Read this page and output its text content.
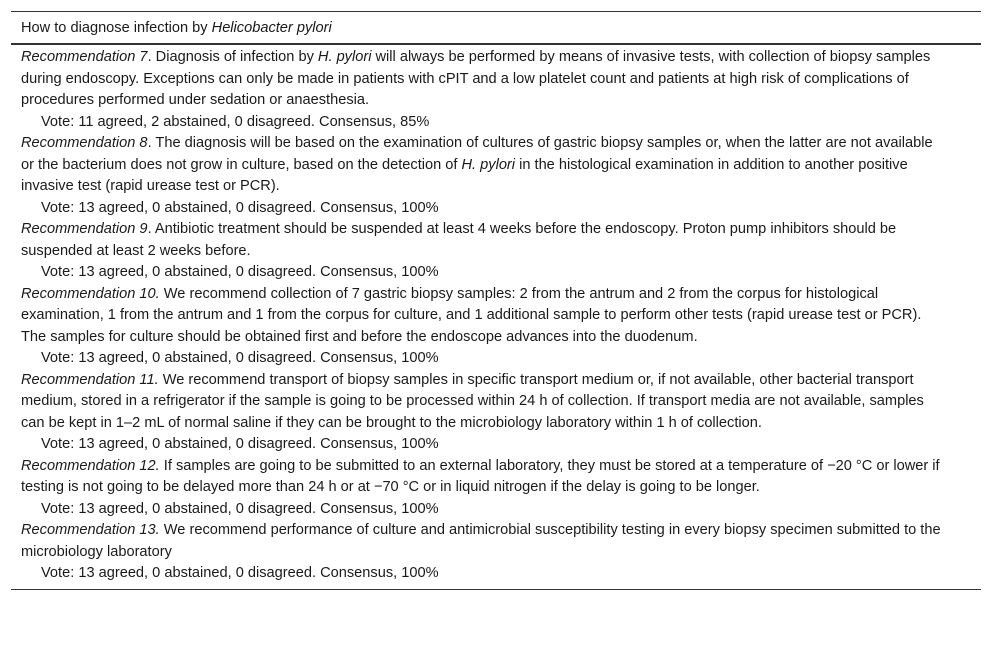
How to diagnose infection by Helicobacter pylori
Recommendation 7. Diagnosis of infection by H. pylori will always be performed by means of invasive tests, with collection of biopsy samples during endoscopy. Exceptions can only be made in patients with cPIT and a low platelet count and patients at high risk of complications of procedures performed under sedation or anaesthesia.
Vote: 11 agreed, 2 abstained, 0 disagreed. Consensus, 85%
Recommendation 8. The diagnosis will be based on the examination of cultures of gastric biopsy samples or, when the latter are not available or the bacterium does not grow in culture, based on the detection of H. pylori in the histological examination in addition to another positive invasive test (rapid urease test or PCR).
Vote: 13 agreed, 0 abstained, 0 disagreed. Consensus, 100%
Recommendation 9. Antibiotic treatment should be suspended at least 4 weeks before the endoscopy. Proton pump inhibitors should be suspended at least 2 weeks before.
Vote: 13 agreed, 0 abstained, 0 disagreed. Consensus, 100%
Recommendation 10. We recommend collection of 7 gastric biopsy samples: 2 from the antrum and 2 from the corpus for histological examination, 1 from the antrum and 1 from the corpus for culture, and 1 additional sample to perform other tests (rapid urease test or PCR). The samples for culture should be obtained first and before the endoscope advances into the duodenum.
Vote: 13 agreed, 0 abstained, 0 disagreed. Consensus, 100%
Recommendation 11. We recommend transport of biopsy samples in specific transport medium or, if not available, other bacterial transport medium, stored in a refrigerator if the sample is going to be processed within 24 h of collection. If transport media are not available, samples can be kept in 1–2 mL of normal saline if they can be brought to the microbiology laboratory within 1 h of collection.
Vote: 13 agreed, 0 abstained, 0 disagreed. Consensus, 100%
Recommendation 12. If samples are going to be submitted to an external laboratory, they must be stored at a temperature of −20 °C or lower if testing is not going to be delayed more than 24 h or at −70 °C or in liquid nitrogen if the delay is going to be longer.
Vote: 13 agreed, 0 abstained, 0 disagreed. Consensus, 100%
Recommendation 13. We recommend performance of culture and antimicrobial susceptibility testing in every biopsy specimen submitted to the microbiology laboratory
Vote: 13 agreed, 0 abstained, 0 disagreed. Consensus, 100%
